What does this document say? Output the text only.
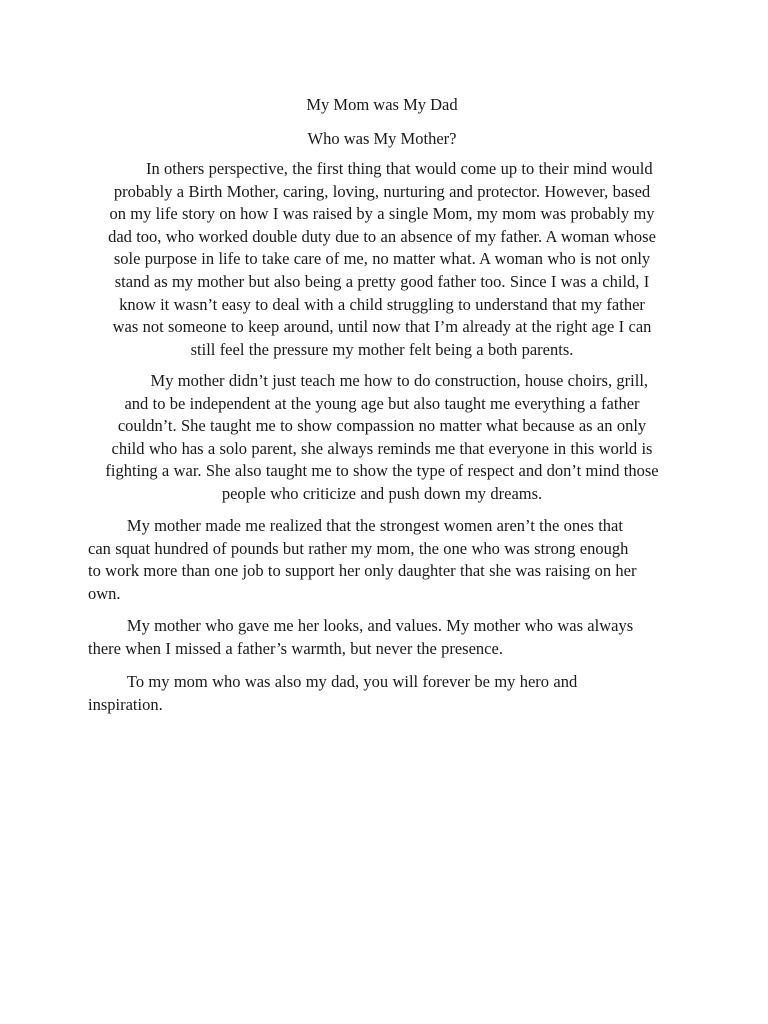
My Mom was My Dad
Who was My Mother?

In others perspective, the first thing that would come up to their mind would
probably a Birth Mother, caring, loving, nurturing and protector. However, based
on my life story on how I was raised by a single Mom, my mom was probably my
dad too, who worked double duty due to an absence of my father. A woman whose
sole purpose in life to take care of me, no matter what. A woman who is not only
stand as my mother but also being a pretty good father too. Since I was a child, I
know it wasn’t easy to deal with a child struggling to understand that my father
was not someone to keep around, until now that I’m already at the right age I can
still feel the pressure my mother felt being a both parents.

My mother didn’t just teach me how to do construction, house choirs, grill,
and to be independent at the young age but also taught me everything a father
couldn’t. She taught me to show compassion no matter what because as an only
child who has a solo parent, she always reminds me that everyone in this world is
fighting a war. She also taught me to show the type of respect and don’t mind those
people who criticize and push down my dreams.

My mother made me realized that the strongest women aren’t the ones that
can squat hundred of pounds but rather my mom, the one who was strong enough
to work more than one job to support her only daughter that she was raising on her
own.

My mother who gave me her looks, and values. My mother who was always
there when I missed a father’s warmth, but never the presence.

To my mom who was also my dad, you will forever be my hero and
inspiration.
